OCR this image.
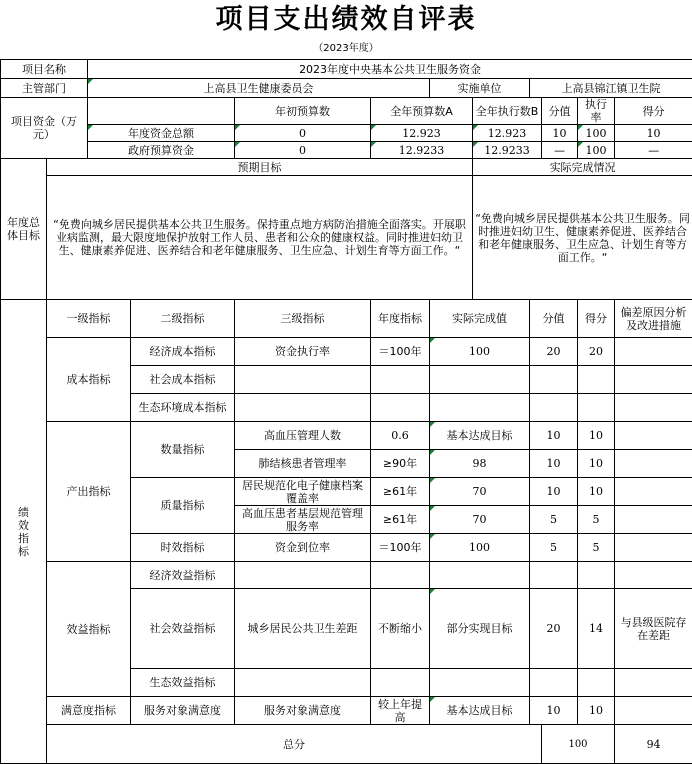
项目支出绩效自评表
（2023年度）
项目名称		2023年度中央基本公共卫生服务资金										
主管部门		上高县卫生健康委员会				实施单位		上高县锦江镇卫生院				
项目资金（万元）				年初预算数	全年预算数A		全年执行数B		分值	执行率	得分	
		年度资金总额		0	12.923		12.923		10	100	10	
		政府预算资金		0	12.9233		12.9233		—	100	—	
年度总体目标	预期目标						实际完成情况					
	“免费向城乡居民提供基本公共卫生服务。保持重点地方病防治措施全面落实。开展职业病监测，最大限度地保护放射工作人员、患者和公众的健康权益。同时推进妇幼卫生、健康素养促进、医养结合和老年健康服务、卫生应急、计划生育等方面工作。“						“免费向城乡居民提供基本公共卫生服务。同时推进妇幼卫生、健康素养促进、医养结合和老年健康服务、卫生应急、计划生育等方面工作。“					
绩效指标	一级指标		二级指标	三级指标	年度指标	实际完成值		分值		得分	偏差原因分析及改进措施	
	成本指标		经济成本指标	资金执行率	＝100年	100		20		20		
			社会成本指标									
			生态环境成本指标									
	产出指标		数量指标	高血压管理人数	0.6	基本达成目标		10		10		
				肺结核患者管理率	≥90年	98		10		10		
			质量指标	居民规范化电子健康档案覆盖率	≥61年	70		10		10		
				高血压患者基层规范管理服务率	≥61年	70		5		5		
			时效指标	资金到位率	＝100年	100		5		5		
	效益指标		经济效益指标									
			社会效益指标	城乡居民公共卫生差距	不断缩小	部分实现目标		20		14	与县级医院存在差距	
			生态效益指标									
	满意度指标		服务对象满意度	服务对象满意度	较上年提高	基本达成目标		10		10		
	总分								100		94	
